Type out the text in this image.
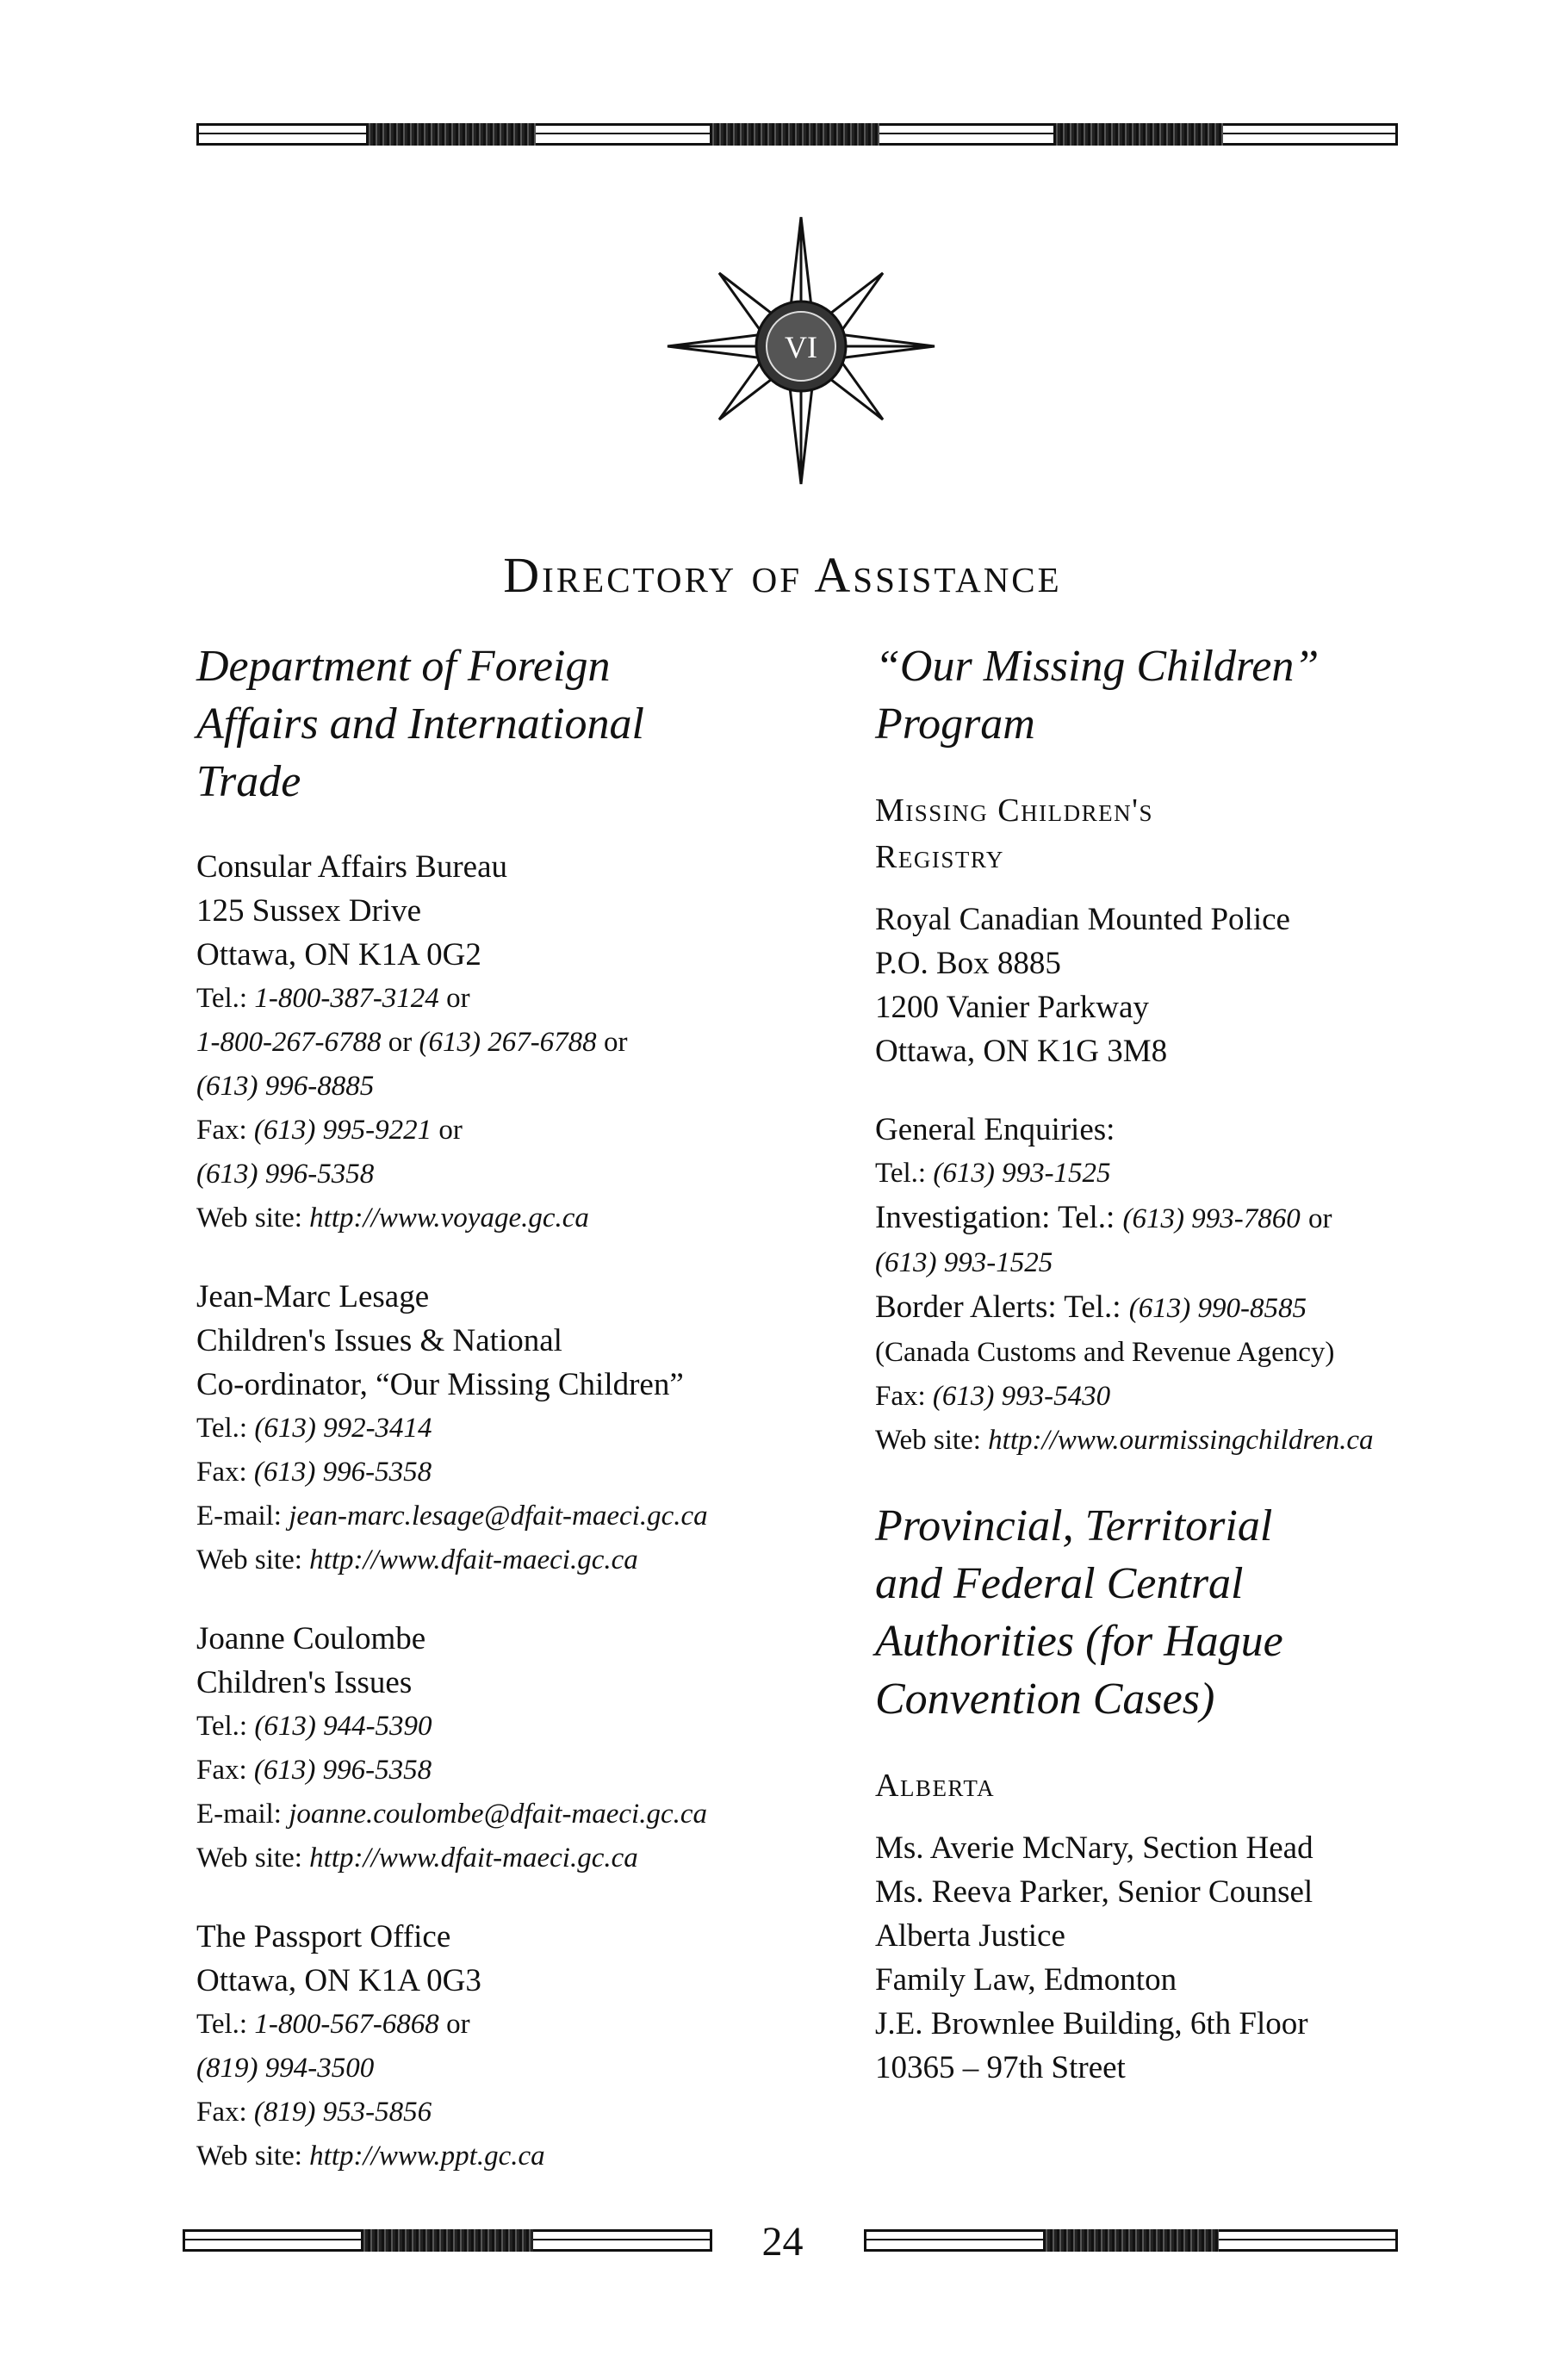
VI
Directory of Assistance

Department of Foreign
Affairs and International
Trade

Consular Affairs Bureau
125 Sussex Drive
Ottawa, ON K1A 0G2
Tel.: 1-800-387-3124 or
1-800-267-6788 or (613) 267-6788 or
(613) 996-8885
Fax: (613) 995-9221 or
(613) 996-5358
Web site: http://www.voyage.gc.ca
Jean-Marc Lesage
Children's Issues & National
Co-ordinator, “Our Missing Children”
Tel.: (613) 992-3414
Fax: (613) 996-5358
E-mail: jean-marc.lesage@dfait-maeci.gc.ca
Web site: http://www.dfait-maeci.gc.ca
Joanne Coulombe
Children's Issues
Tel.: (613) 944-5390
Fax: (613) 996-5358
E-mail: joanne.coulombe@dfait-maeci.gc.ca
Web site: http://www.dfait-maeci.gc.ca
The Passport Office
Ottawa, ON K1A 0G3
Tel.: 1-800-567-6868 or
(819) 994-3500
Fax: (819) 953-5856
Web site: http://www.ppt.gc.ca

“Our Missing Children”
Program

Missing Children's
Registry

Royal Canadian Mounted Police
P.O. Box 8885
1200 Vanier Parkway
Ottawa, ON K1G 3M8
General Enquiries:
Tel.: (613) 993-1525
Investigation: Tel.: (613) 993-7860 or
(613) 993-1525
Border Alerts: Tel.: (613) 990-8585
(Canada Customs and Revenue Agency)
Fax: (613) 993-5430
Web site: http://www.ourmissingchildren.ca

Provincial, Territorial
and Federal Central
Authorities (for Hague
Convention Cases)

Alberta

Ms. Averie McNary, Section Head
Ms. Reeva Parker, Senior Counsel
Alberta Justice
Family Law, Edmonton
J.E. Brownlee Building, 6th Floor
10365 – 97th Street
24
